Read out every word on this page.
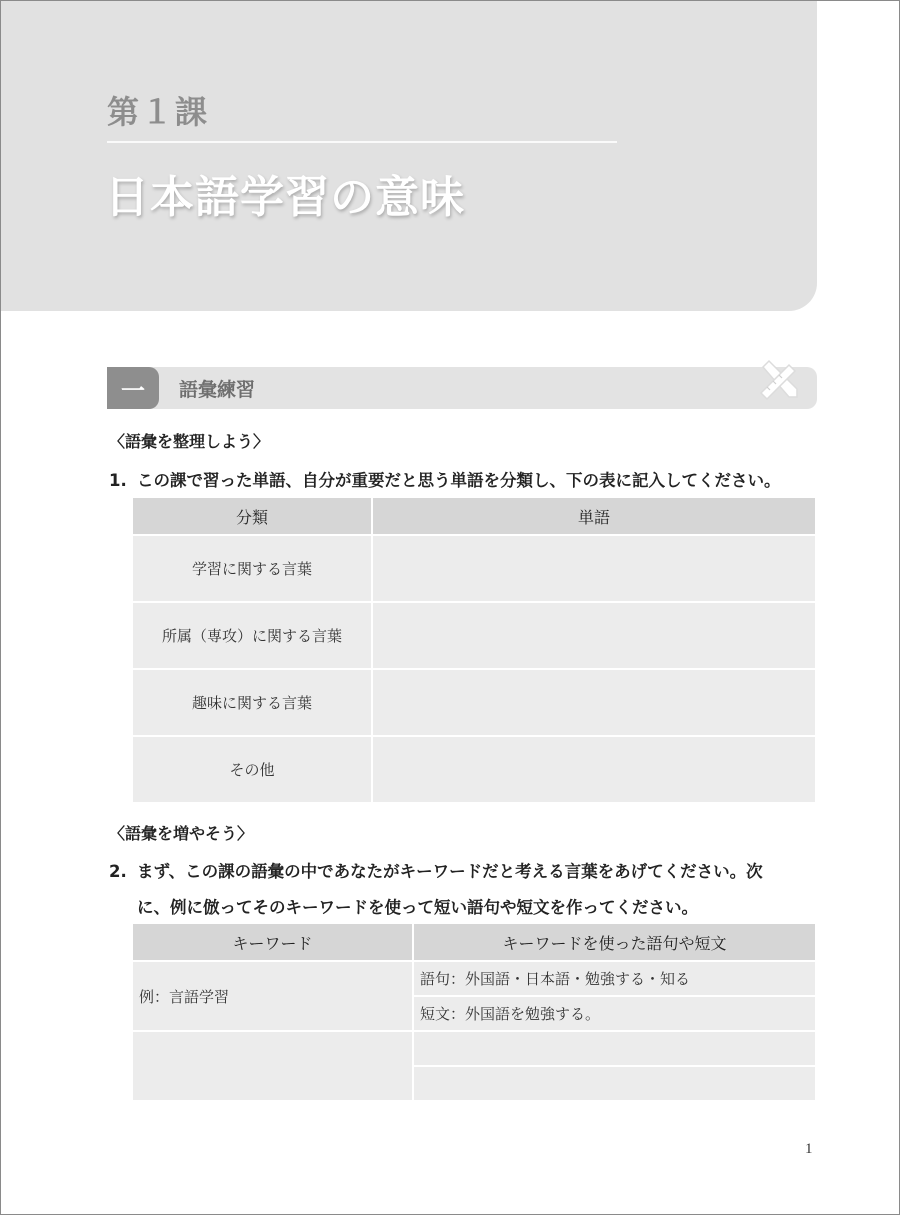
第１課
日本語学習の意味
一	語彙練習
〈語彙を整理しよう〉
1. この課で習った単語、自分が重要だと思う単語を分類し、下の表に記入してください。
分類	単語
学習に関する言葉	
所属（専攻）に関する言葉	
趣味に関する言葉	
その他	
〈語彙を増やそう〉
2. まず、この課の語彙の中であなたがキーワードだと考える言葉をあげてください。次
に、例に倣ってそのキーワードを使って短い語句や短文を作ってください。
キーワード	キーワードを使った語句や短文
例：言語学習	語句：外国語・日本語・勉強する・知る
	短文：外国語を勉強する。

1
